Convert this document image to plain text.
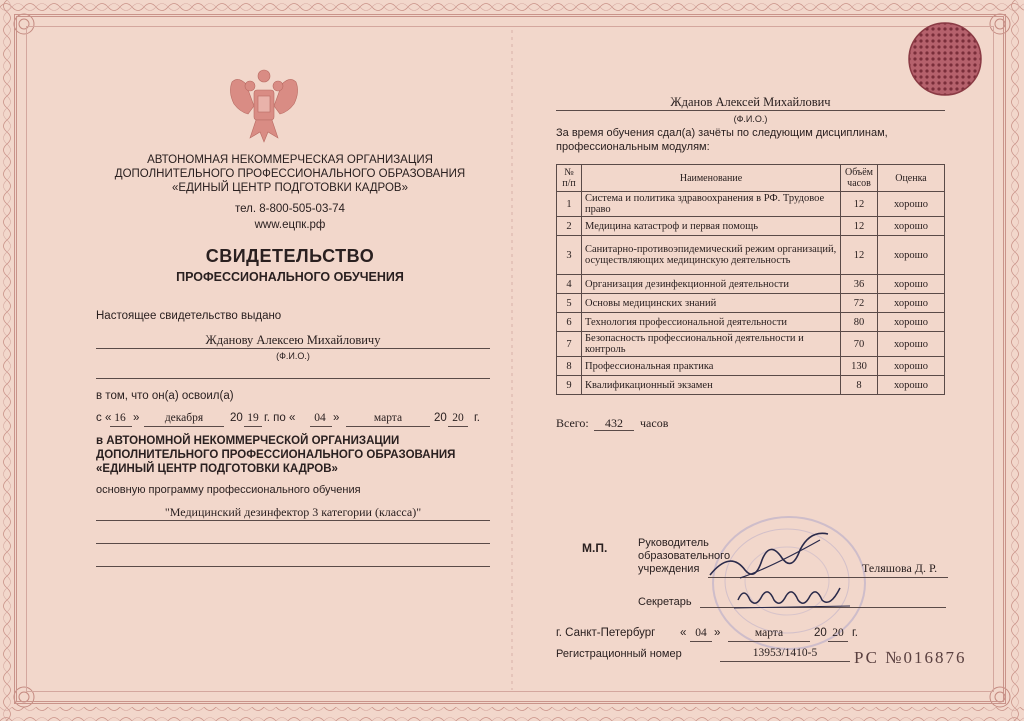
АВТОНОМНАЯ НЕКОММЕРЧЕСКАЯ ОРГАНИЗАЦИЯ
ДОПОЛНИТЕЛЬНОГО ПРОФЕССИОНАЛЬНОГО ОБРАЗОВАНИЯ
«ЕДИНЫЙ ЦЕНТР ПОДГОТОВКИ КАДРОВ»
тел. 8-800-505-03-74
www.ецпк.рф
СВИДЕТЕЛЬСТВО
ПРОФЕССИОНАЛЬНОГО ОБУЧЕНИЯ
Настоящее свидетельство выдано
Жданову Алексею Михайловичу
(Ф.И.О.)
в том, что он(а) освоил(а)
с « 16 »	декабря	20 19 г. по «	04 »	марта	20 20 г.
в АВТОНОМНОЙ НЕКОММЕРЧЕСКОЙ ОРГАНИЗАЦИИ
ДОПОЛНИТЕЛЬНОГО ПРОФЕССИОНАЛЬНОГО ОБРАЗОВАНИЯ
«ЕДИНЫЙ ЦЕНТР ПОДГОТОВКИ КАДРОВ»
основную программу профессионального обучения
"Медицинский дезинфектор 3 категории (класса)"
Жданов Алексей Михайлович
(Ф.И.О.)
За время обучения сдал(а) зачёты по следующим дисциплинам,
профессиональным модулям:
№ п/п	Наименование	Объём часов	Оценка
1	Система и политика здравоохранения в РФ. Трудовое право	12	хорошо
2	Медицина катастроф и первая помощь	12	хорошо
3	Санитарно-противоэпидемический режим организаций, осуществляющих медицинскую деятельность	12	хорошо
4	Организация дезинфекционной деятельности	36	хорошо
5	Основы медицинских знаний	72	хорошо
6	Технология профессиональной деятельности	80	хорошо
7	Безопасность профессиональной деятельности и контроль	70	хорошо
8	Профессиональная практика	130	хорошо
9	Квалификационный экзамен	8	хорошо
Всего:	432	часов
М.П.	Руководитель
образовательного
учреждения	Теляшова Д. Р.
Секретарь
г. Санкт-Петербург « 04 »	марта	20 20 г.
Регистрационный номер	13953/1410-5	РС №016876
